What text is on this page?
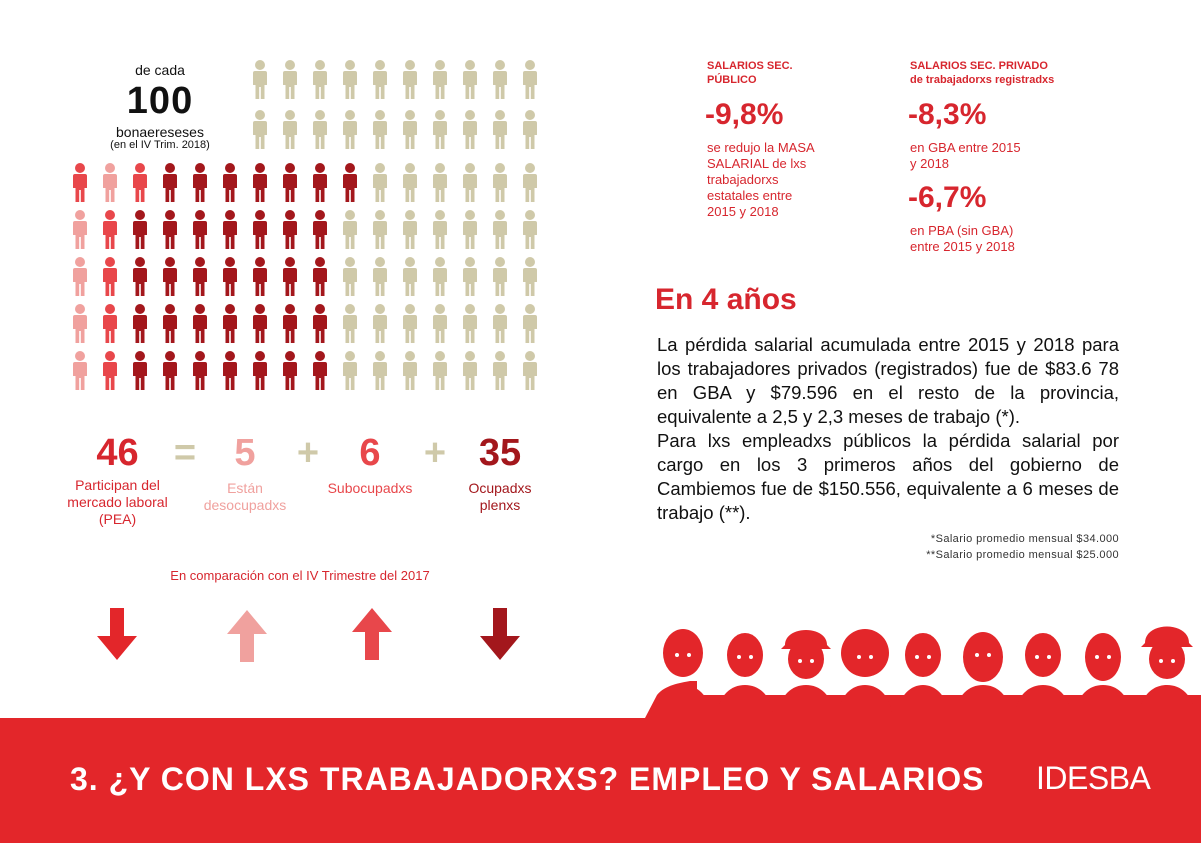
de cada
100
bonaereseses
(en el IV Trim. 2018)
46 =	5	+	6	+ 35
Participan del
mercado laboral
(PEA)
Están
desocupadxs
Subocupadxs	Ocupadxs
plenxs
En comparación con el IV Trimestre del 2017
SALARIOS SEC.
PÚBLICO
-9,8%
se redujo la MASA
SALARIAL de lxs
trabajadorxs
estatales entre
2015 y 2018
SALARIOS SEC. PRIVADO
de trabajadorxs registradxs
-8,3%
en GBA entre 2015
y 2018
-6,7%
en PBA (sin GBA)
entre 2015 y 2018
En 4 años
La pérdida salarial acumulada entre 2015 y 2018 para los trabajadores privados (registrados) fue de $83.6 78 en GBA y $79.596 en el resto de la provincia, equivalente a 2,5 y 2,3 meses de trabajo (*).
Para lxs empleadxs públicos la pérdida salarial por cargo en los 3 primeros años del gobierno de Cambiemos fue de $150.556, equivalente a 6 meses de trabajo (**).
*Salario promedio mensual $34.000
**Salario promedio mensual $25.000
3. ¿Y CON LXS TRABAJADORXS? EMPLEO Y SALARIOS IDESBA
